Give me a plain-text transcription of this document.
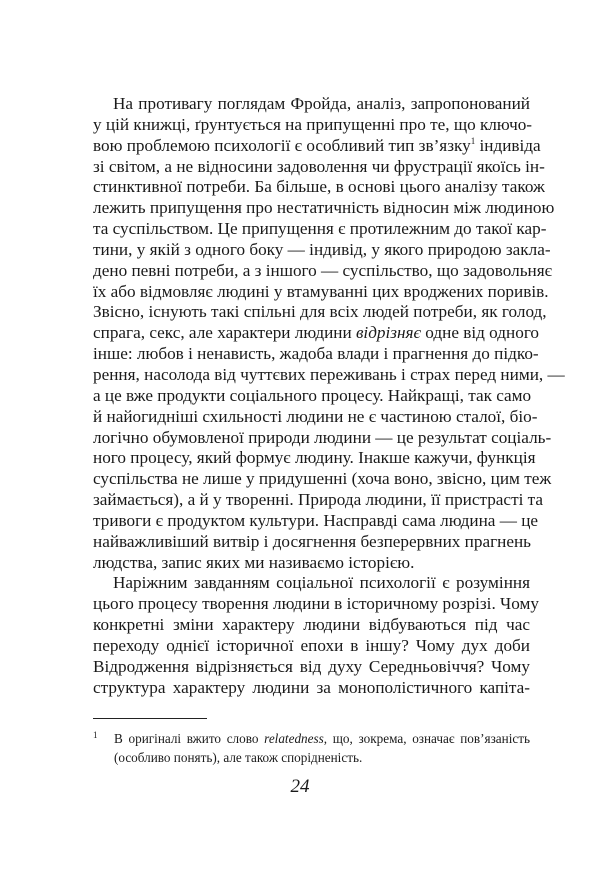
На противагу поглядам Фройда, аналіз, запропонований
у цій книжці, ґрунтується на припущенні про те, що ключо-
вою проблемою психології є особливий тип зв’язку$^1$ індивіда
зі світом, а не відносини задоволення чи фрустрації якоїсь ін-
стинктивної потреби. Ба більше, в основі цього аналізу також
лежить припущення про нестатичність відносин між людиною
та суспільством. Це припущення є протилежним до такої кар-
тини, у якій з одного боку — індивід, у якого природою закла-
дено певні потреби, а з іншого — суспільство, що задовольняє
їх або відмовляє людині у втамуванні цих вроджених поривів.
Звісно, існують такі спільні для всіх людей потреби, як голод,
спрага, секс, але характери людини відрізняє одне від одного
інше: любов і ненависть, жадоба влади і прагнення до підко-
рення, насолода від чуттєвих переживань і страх перед ними, —
а це вже продукти соціального процесу. Найкращі, так само
й найогидніші схильності людини не є частиною сталої, біо-
логічно обумовленої природи людини — це результат соціаль-
ного процесу, який формує людину. Інакше кажучи, функція
суспільства не лише у придушенні (хоча воно, звісно, цим теж
займається), а й у творенні. Природа людини, її пристрасті та
тривоги є продуктом культури. Насправді сама людина — це
найважливіший витвір і досягнення безперервних прагнень
людства, запис яких ми називаємо історією.
Наріжним завданням соціальної психології є розуміння
цього процесу творення людини в історичному розрізі. Чому
конкретні зміни характеру людини відбуваються під час
переходу однієї історичної епохи в іншу? Чому дух доби
Відродження відрізняється від духу Середньовіччя? Чому
структура характеру людини за монополістичного капіта-
1 В оригіналі вжито слово relatedness, що, зокрема, означає пов’язаність
(особливо понять), але також спорідненість.
24
